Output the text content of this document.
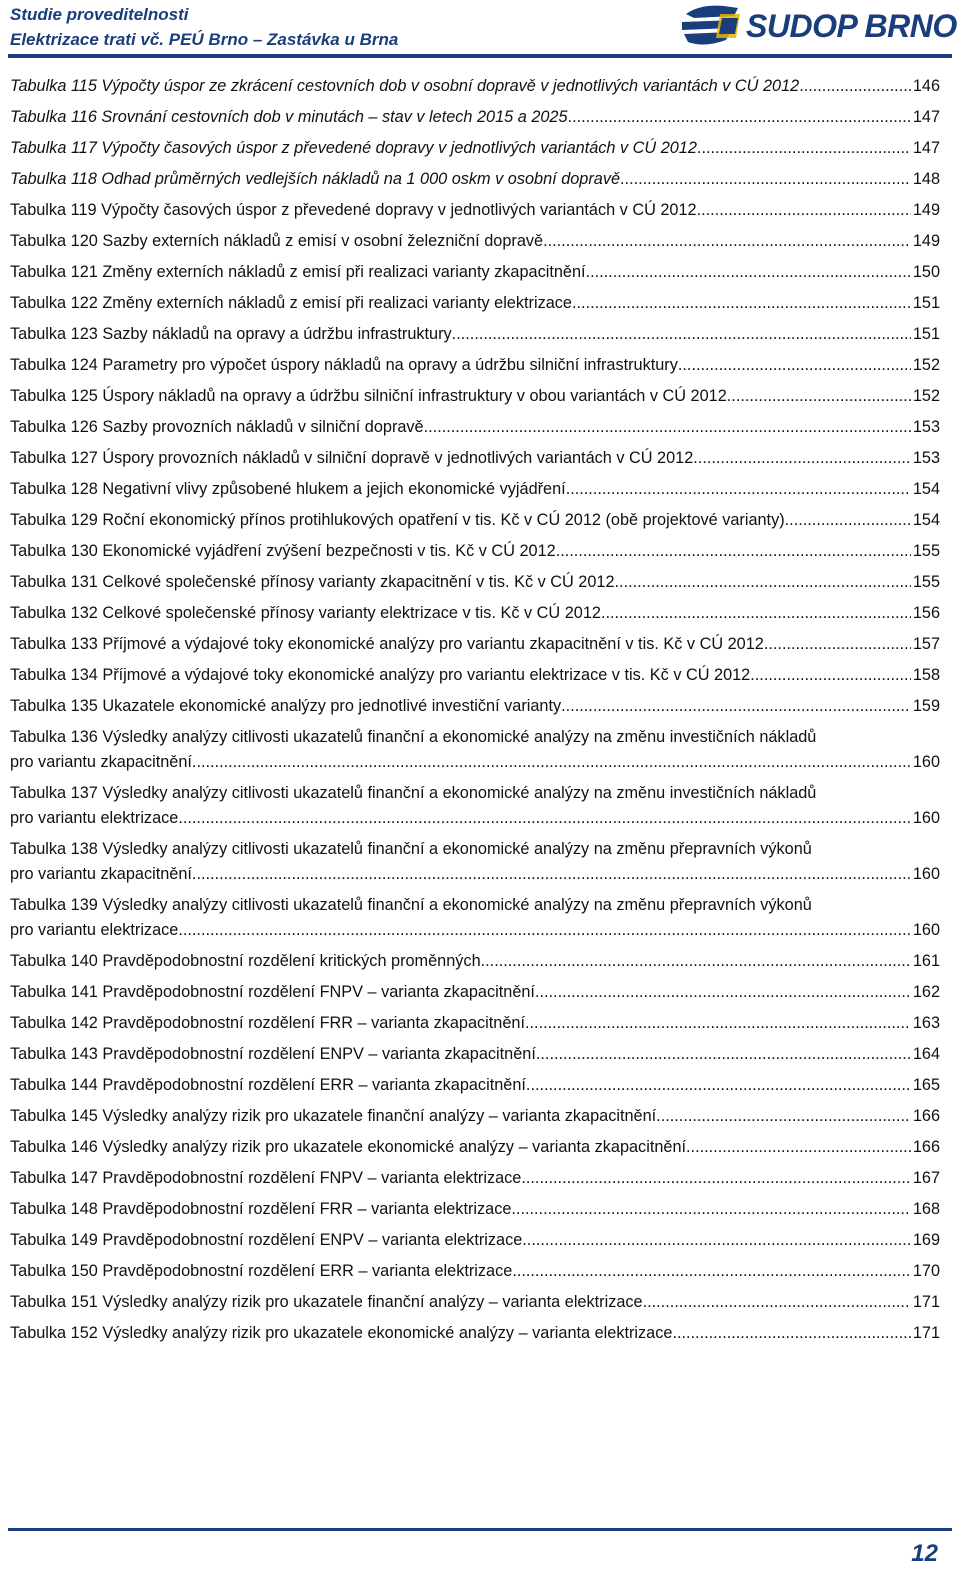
Studie proveditelnosti
Elektrizace trati vč. PEÚ Brno – Zastávka u Brna	SUDOP BRNO
Tabulka 115 Výpočty úspor ze zkrácení cestovních dob v osobní dopravě v jednotlivých variantách v CÚ 2012 .....	146
Tabulka 116 Srovnání cestovních dob v minutách – stav v letech 2015 a 2025 .....	147
Tabulka 117 Výpočty časových úspor z převedené dopravy v jednotlivých variantách v CÚ 2012 .....	147
Tabulka 118 Odhad průměrných vedlejších nákladů na 1 000 oskm v osobní dopravě .....	148
Tabulka 119 Výpočty časových úspor z převedené dopravy v jednotlivých variantách v CÚ 2012 .....	149
Tabulka 120 Sazby externích nákladů z emisí v osobní železniční dopravě .....	149
Tabulka 121 Změny externích nákladů z emisí při realizaci varianty zkapacitnění .....	150
Tabulka 122 Změny externích nákladů z emisí při realizaci varianty elektrizace .....	151
Tabulka 123 Sazby nákladů na opravy a údržbu infrastruktury .....	151
Tabulka 124 Parametry pro výpočet úspory nákladů na opravy a údržbu silniční infrastruktury .....	152
Tabulka 125 Úspory nákladů na opravy a údržbu silniční infrastruktury v obou variantách v CÚ 2012 .....	152
Tabulka 126 Sazby provozních nákladů v silniční dopravě .....	153
Tabulka 127 Úspory provozních nákladů v silniční dopravě v jednotlivých variantách v CÚ 2012 .....	153
Tabulka 128 Negativní vlivy způsobené hlukem a jejich ekonomické vyjádření .....	154
Tabulka 129 Roční ekonomický přínos protihlukových opatření v tis. Kč v CÚ 2012 (obě projektové varianty). .....	154
Tabulka 130 Ekonomické vyjádření zvýšení bezpečnosti v tis. Kč v CÚ 2012 .....	155
Tabulka 131 Celkové společenské přínosy varianty zkapacitnění v tis. Kč v CÚ 2012 .....	155
Tabulka 132 Celkové společenské přínosy varianty elektrizace v tis. Kč v CÚ 2012 .....	156
Tabulka 133 Příjmové a výdajové toky ekonomické analýzy pro variantu zkapacitnění v tis. Kč v CÚ 2012 .....	157
Tabulka 134 Příjmové a výdajové toky ekonomické analýzy pro variantu elektrizace v tis. Kč v CÚ 2012 .....	158
Tabulka 135 Ukazatele ekonomické analýzy pro jednotlivé investiční varianty .....	159
Tabulka 136 Výsledky analýzy citlivosti ukazatelů finanční a ekonomické analýzy na změnu investičních nákladů
pro variantu zkapacitnění .....	160
Tabulka 137 Výsledky analýzy citlivosti ukazatelů finanční a ekonomické analýzy na změnu investičních nákladů
pro variantu elektrizace .....	160
Tabulka 138 Výsledky analýzy citlivosti ukazatelů finanční a ekonomické analýzy na změnu přepravních výkonů
pro variantu zkapacitnění .....	160
Tabulka 139 Výsledky analýzy citlivosti ukazatelů finanční a ekonomické analýzy na změnu přepravních výkonů
pro variantu elektrizace .....	160
Tabulka 140 Pravděpodobnostní rozdělení kritických proměnných .....	161
Tabulka 141 Pravděpodobnostní rozdělení FNPV – varianta zkapacitnění .....	162
Tabulka 142 Pravděpodobnostní rozdělení FRR – varianta zkapacitnění. .....	163
Tabulka 143 Pravděpodobnostní rozdělení ENPV – varianta zkapacitnění .....	164
Tabulka 144 Pravděpodobnostní rozdělení ERR – varianta zkapacitnění. .....	165
Tabulka 145 Výsledky analýzy rizik pro ukazatele finanční analýzy – varianta zkapacitnění. .....	166
Tabulka 146 Výsledky analýzy rizik pro ukazatele ekonomické analýzy – varianta zkapacitnění .....	166
Tabulka 147 Pravděpodobnostní rozdělení FNPV – varianta elektrizace .....	167
Tabulka 148 Pravděpodobnostní rozdělení FRR – varianta elektrizace .....	168
Tabulka 149 Pravděpodobnostní rozdělení ENPV – varianta elektrizace .....	169
Tabulka 150 Pravděpodobnostní rozdělení ERR – varianta elektrizace .....	170
Tabulka 151 Výsledky analýzy rizik pro ukazatele finanční analýzy – varianta elektrizace. .....	171
Tabulka 152 Výsledky analýzy rizik pro ukazatele ekonomické analýzy – varianta elektrizace .....	171
12
